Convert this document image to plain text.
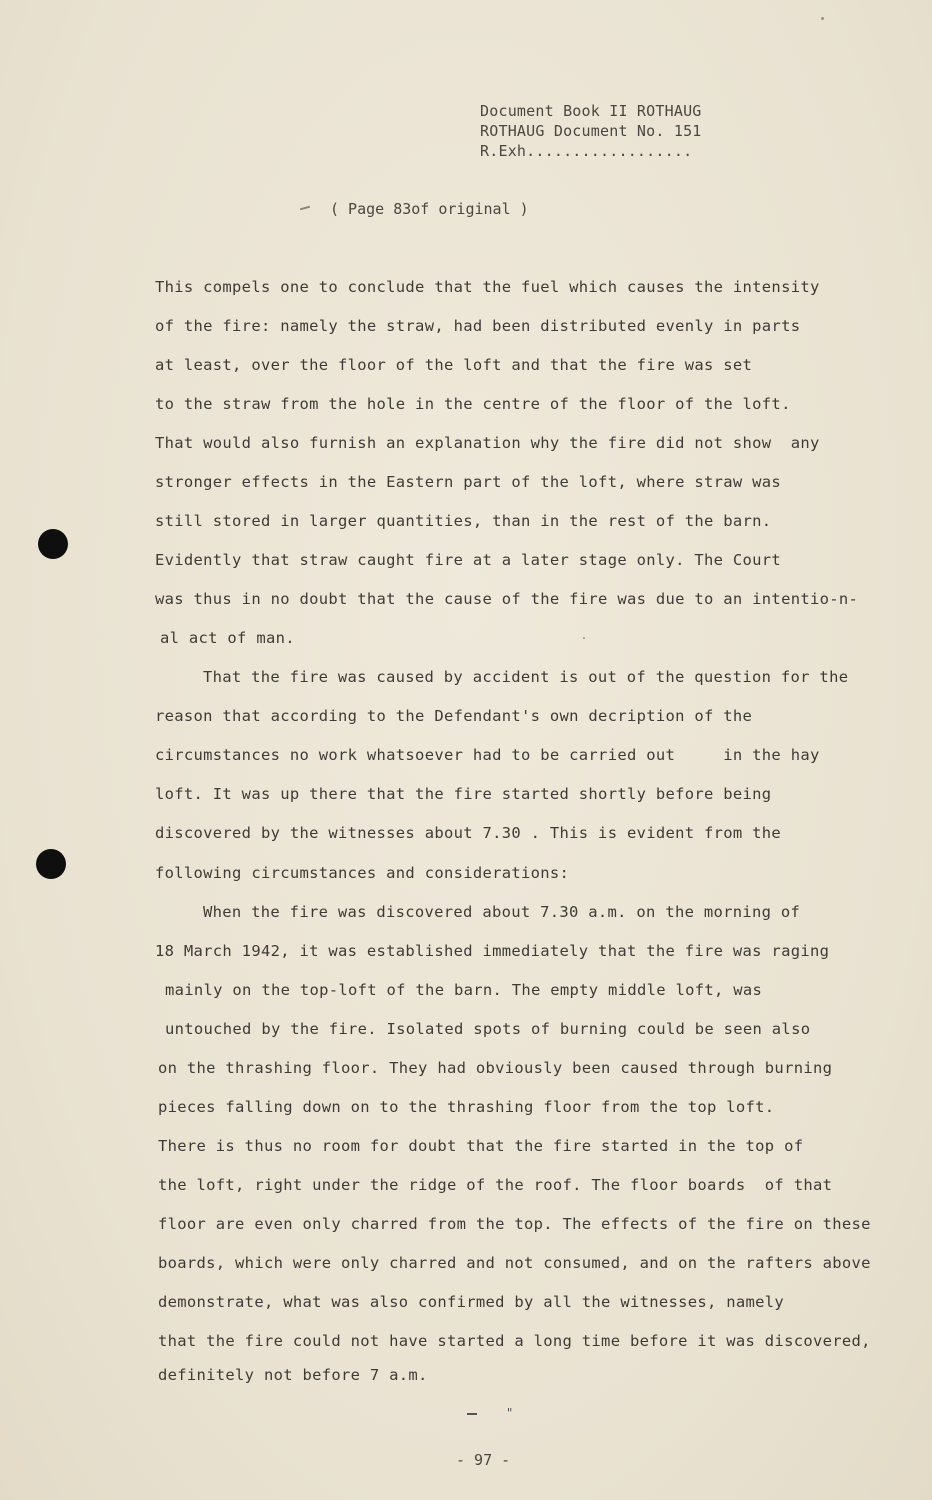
Document Book II ROTHAUG
ROTHAUG Document No. 151
R.Exh..................
( Page 83of original )
This compels one to conclude that the fuel which causes the intensity
of the fire: namely the straw, had been distributed evenly in parts
at least, over the floor of the loft and that the fire was set
to the straw from the hole in the centre of the floor of the loft.
That would also furnish an explanation why the fire did not show  any
stronger effects in the Eastern part of the loft, where straw was
still stored in larger quantities, than in the rest of the barn.
Evidently that straw caught fire at a later stage only. The Court
was thus in no doubt that the cause of the fire was due to an intentio-n-
al act of man.
That the fire was caused by accident is out of the question for the
reason that according to the Defendant's own decription of the
circumstances no work whatsoever had to be carried out     in the hay
loft. It was up there that the fire started shortly before being
discovered by the witnesses about 7.30 . This is evident from the
following circumstances and considerations:
When the fire was discovered about 7.30 a.m. on the morning of
18 March 1942, it was established immediately that the fire was raging
mainly on the top-loft of the barn. The empty middle loft, was
untouched by the fire. Isolated spots of burning could be seen also
on the thrashing floor. They had obviously been caused through burning
pieces falling down on to the thrashing floor from the top loft.
There is thus no room for doubt that the fire started in the top of
the loft, right under the ridge of the roof. The floor boards  of that
floor are even only charred from the top. The effects of the fire on these
boards, which were only charred and not consumed, and on the rafters above
demonstrate, what was also confirmed by all the witnesses, namely
that the fire could not have started a long time before it was discovered,
definitely not before 7 a.m.
"
- 97 -
